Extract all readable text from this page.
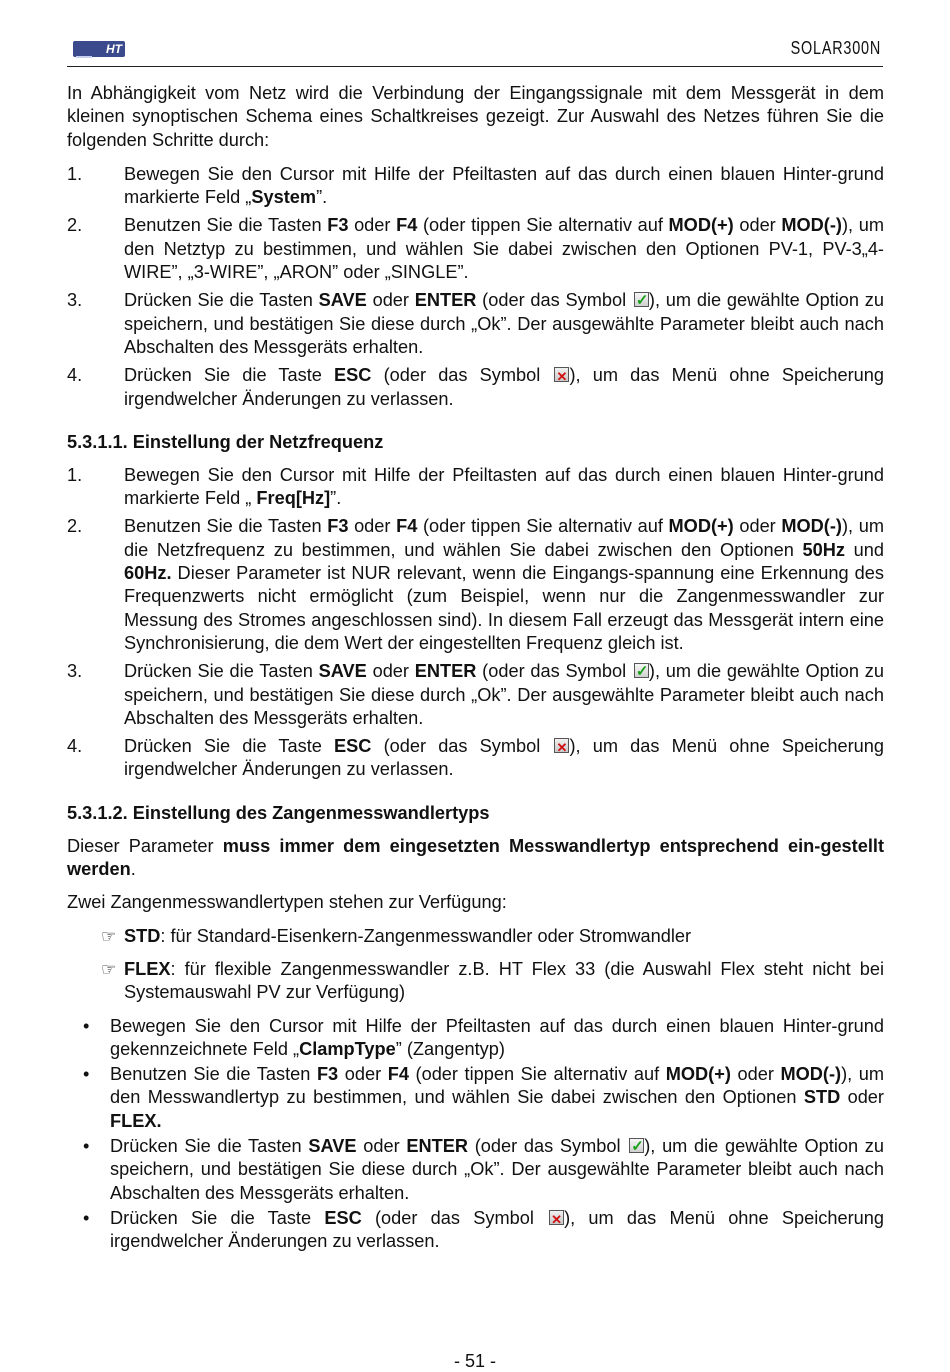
HT	SOLAR300N

In Abhängigkeit vom Netz wird die Verbindung der Eingangssignale mit dem Messgerät in dem kleinen synoptischen Schema eines Schaltkreises gezeigt. Zur Auswahl des Netzes führen Sie die folgenden Schritte durch:

1. Bewegen Sie den Cursor mit Hilfe der Pfeiltasten auf das durch einen blauen Hinter-grund markierte Feld „System”.
2. Benutzen Sie die Tasten F3 oder F4 (oder tippen Sie alternativ auf MOD(+) oder MOD(-)), um den Netztyp zu bestimmen, und wählen Sie dabei zwischen den Optionen PV-1, PV-3„4-WIRE”, „3-WIRE”, „ARON” oder „SINGLE”.
3. Drücken Sie die Tasten SAVE oder ENTER (oder das Symbol ✓), um die gewählte Option zu speichern, und bestätigen Sie diese durch „Ok”. Der ausgewählte Parameter bleibt auch nach Abschalten des Messgeräts erhalten.
4. Drücken Sie die Taste ESC (oder das Symbol ✕), um das Menü ohne Speicherung irgendwelcher Änderungen zu verlassen.
5.3.1.1. Einstellung der Netzfrequenz
1. Bewegen Sie den Cursor mit Hilfe der Pfeiltasten auf das durch einen blauen Hinter-grund markierte Feld „ Freq[Hz]”.
2. Benutzen Sie die Tasten F3 oder F4 (oder tippen Sie alternativ auf MOD(+) oder MOD(-)), um die Netzfrequenz zu bestimmen, und wählen Sie dabei zwischen den Optionen 50Hz und 60Hz. Dieser Parameter ist NUR relevant, wenn die Eingangs-spannung eine Erkennung des Frequenzwerts nicht ermöglicht (zum Beispiel, wenn nur die Zangenmesswandler zur Messung des Stromes angeschlossen sind). In diesem Fall erzeugt das Messgerät intern eine Synchronisierung, die dem Wert der eingestellten Frequenz gleich ist.
3. Drücken Sie die Tasten SAVE oder ENTER (oder das Symbol ✓), um die gewählte Option zu speichern, und bestätigen Sie diese durch „Ok”. Der ausgewählte Parameter bleibt auch nach Abschalten des Messgeräts erhalten.
4. Drücken Sie die Taste ESC (oder das Symbol ✕), um das Menü ohne Speicherung irgendwelcher Änderungen zu verlassen.
5.3.1.2. Einstellung des Zangenmesswandlertyps

Dieser Parameter muss immer dem eingesetzten Messwandlertyp entsprechend ein-gestellt werden.

Zwei Zangenmesswandlertypen stehen zur Verfügung:

☞ STD: für Standard-Eisenkern-Zangenmesswandler oder Stromwandler
☞ FLEX: für flexible Zangenmesswandler z.B. HT Flex 33 (die Auswahl Flex steht nicht bei Systemauswahl PV zur Verfügung)
• Bewegen Sie den Cursor mit Hilfe der Pfeiltasten auf das durch einen blauen Hinter-grund gekennzeichnete Feld „ClampType” (Zangentyp)
• Benutzen Sie die Tasten F3 oder F4 (oder tippen Sie alternativ auf MOD(+) oder MOD(-)), um den Messwandlertyp zu bestimmen, und wählen Sie dabei zwischen den Optionen STD oder FLEX.
• Drücken Sie die Tasten SAVE oder ENTER (oder das Symbol ✓), um die gewählte Option zu speichern, und bestätigen Sie diese durch „Ok”. Der ausgewählte Parameter bleibt auch nach Abschalten des Messgeräts erhalten.
• Drücken Sie die Taste ESC (oder das Symbol ✕), um das Menü ohne Speicherung irgendwelcher Änderungen zu verlassen.
- 51 -
